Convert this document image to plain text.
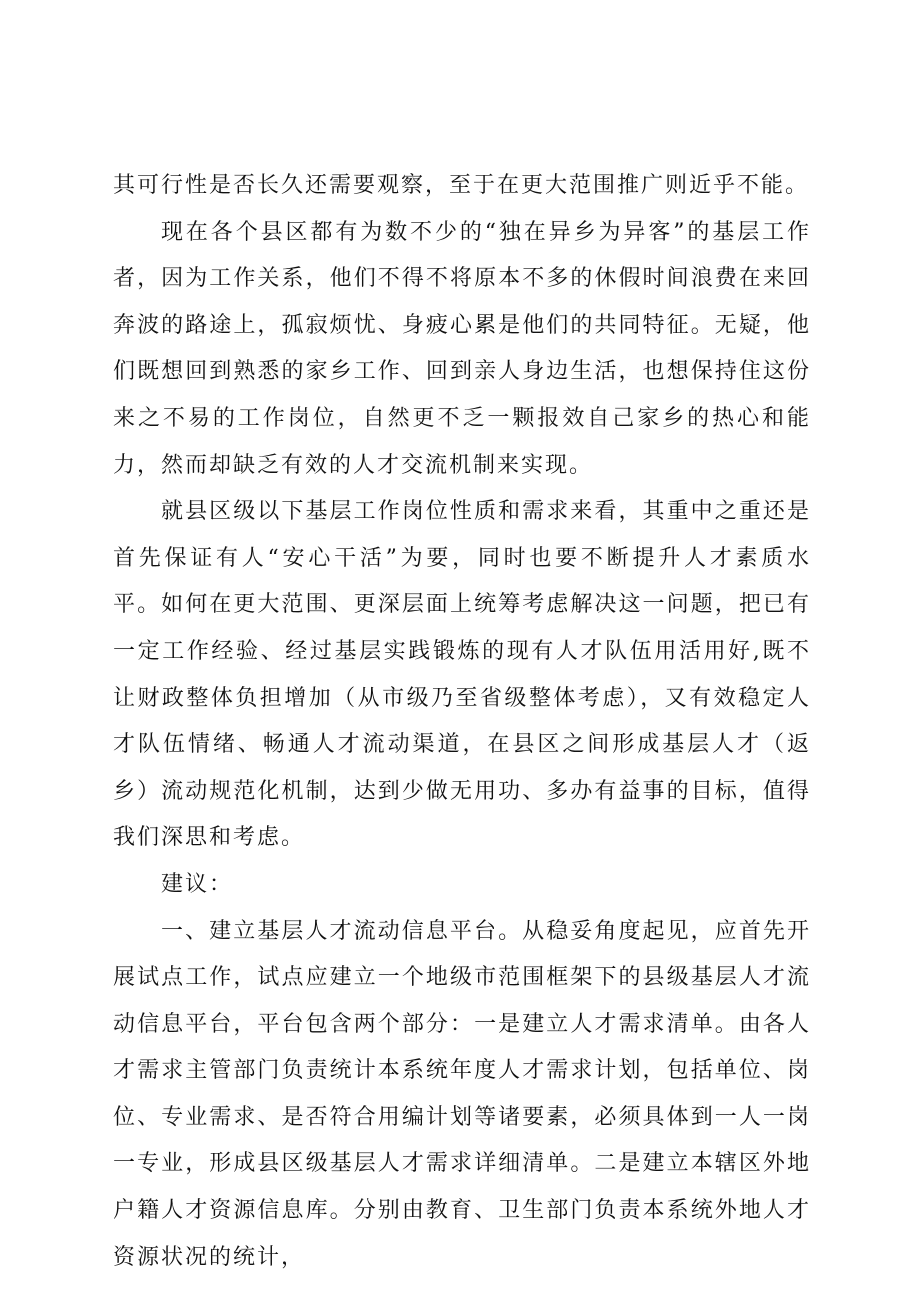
其可行性是否长久还需要观察，至于在更大范围推广则近乎不能。

现在各个县区都有为数不少的“独在异乡为异客”的基层工作者，因为工作关系，他们不得不将原本不多的休假时间浪费在来回奔波的路途上，孤寂烦忧、身疲心累是他们的共同特征。无疑，他们既想回到熟悉的家乡工作、回到亲人身边生活，也想保持住这份来之不易的工作岗位，自然更不乏一颗报效自己家乡的热心和能力，然而却缺乏有效的人才交流机制来实现。

就县区级以下基层工作岗位性质和需求来看，其重中之重还是首先保证有人“安心干活”为要，同时也要不断提升人才素质水平。如何在更大范围、更深层面上统筹考虑解决这一问题，把已有一定工作经验、经过基层实践锻炼的现有人才队伍用活用好,既不让财政整体负担增加（从市级乃至省级整体考虑），又有效稳定人才队伍情绪、畅通人才流动渠道，在县区之间形成基层人才（返乡）流动规范化机制，达到少做无用功、多办有益事的目标，值得我们深思和考虑。

建议：

一、建立基层人才流动信息平台。从稳妥角度起见，应首先开展试点工作，试点应建立一个地级市范围框架下的县级基层人才流动信息平台，平台包含两个部分：一是建立人才需求清单。由各人才需求主管部门负责统计本系统年度人才需求计划，包括单位、岗位、专业需求、是否符合用编计划等诸要素，必须具体到一人一岗一专业，形成县区级基层人才需求详细清单。二是建立本辖区外地户籍人才资源信息库。分别由教育、卫生部门负责本系统外地人才资源状况的统计，
